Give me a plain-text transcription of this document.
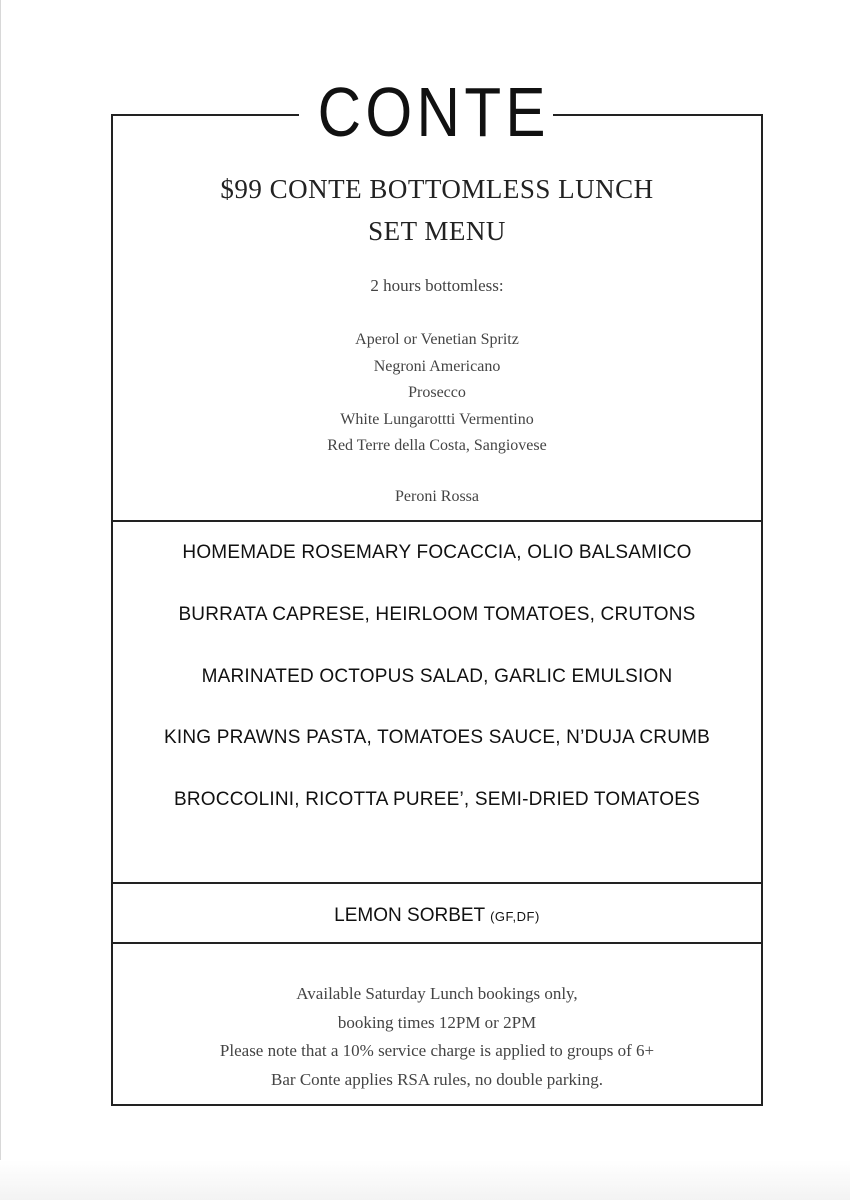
CONTE
$99 CONTE BOTTOMLESS LUNCH
SET MENU
2 hours bottomless:
Aperol or Venetian Spritz
Negroni Americano
Prosecco
White Lungarottti Vermentino
Red Terre della Costa, Sangiovese
Peroni Rossa
HOMEMADE ROSEMARY FOCACCIA, OLIO BALSAMICO
BURRATA CAPRESE, HEIRLOOM TOMATOES, CRUTONS
MARINATED OCTOPUS SALAD, GARLIC EMULSION
KING PRAWNS PASTA, TOMATOES SAUCE, N’DUJA CRUMB
BROCCOLINI, RICOTTA PUREE’, SEMI-DRIED TOMATOES
LEMON SORBET (GF,DF)
Available Saturday Lunch bookings only,
booking times 12PM or 2PM
Please note that a 10% service charge is applied to groups of 6+
Bar Conte applies RSA rules, no double parking.
